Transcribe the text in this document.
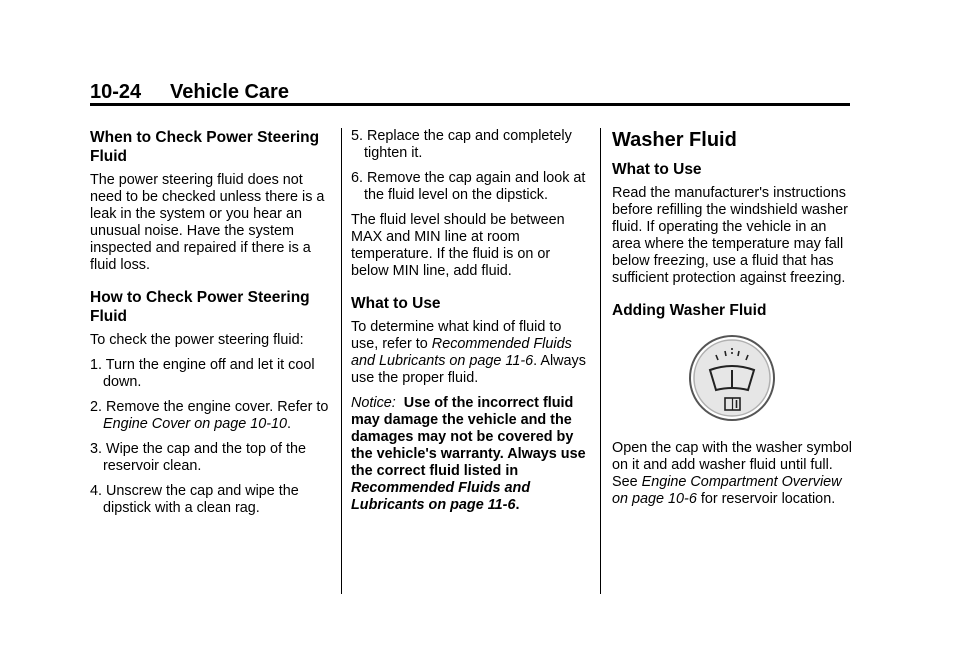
10-24 Vehicle Care
When to Check Power Steering Fluid

The power steering fluid does not need to be checked unless there is a leak in the system or you hear an unusual noise. Have the system inspected and repaired if there is a fluid loss.

How to Check Power Steering Fluid

To check the power steering fluid:

1. Turn the engine off and let it cool down.
2. Remove the engine cover. Refer to Engine Cover on page 10-10.
3. Wipe the cap and the top of the reservoir clean.
4. Unscrew the cap and wipe the dipstick with a clean rag.
5. Replace the cap and completely tighten it.
6. Remove the cap again and look at the fluid level on the dipstick.

The fluid level should be between MAX and MIN line at room temperature. If the fluid is on or below MIN line, add fluid.

What to Use

To determine what kind of fluid to use, refer to Recommended Fluids and Lubricants on page 11-6. Always use the proper fluid.

Notice: Use of the incorrect fluid may damage the vehicle and the damages may not be covered by the vehicle's warranty. Always use the correct fluid listed in Recommended Fluids and Lubricants on page 11-6.

Washer Fluid
What to Use

Read the manufacturer's instructions before refilling the windshield washer fluid. If operating the vehicle in an area where the temperature may fall below freezing, use a fluid that has sufficient protection against freezing.

Adding Washer Fluid

Open the cap with the washer symbol on it and add washer fluid until full. See Engine Compartment Overview on page 10-6 for reservoir location.
